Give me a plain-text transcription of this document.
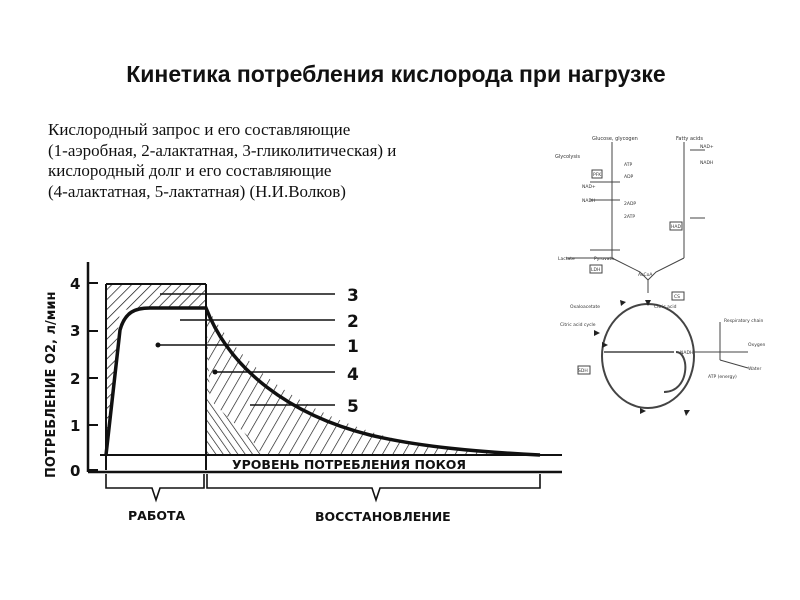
Кинетика потребления кислорода при нагрузке
Кислородный запрос и его составляющие
(1-аэробная, 2-алактатная, 3-гликолитическая) и
кислородный долг и его составляющие
(4-алактатная, 5-лактатная) (Н.И.Волков)
4
3
2
1
0
ПОТРЕБЛЕНИЕ O2, л/мин	3
2
1
4
5
УРОВЕНЬ ПОТРЕБЛЕНИЯ ПОКОЯ
РАБОТА	ВОССТАНОВЛЕНИЕ
Glucose, glycogen	Fatty acids
Glycolysis
PFK
ATP
ADP
NAD+
NADH
2ADP
2ATP
NAD+
NADH
HAD
Lactate	Pyruvate
LDH
AcCoA
CS
Oxaloacetate	Citric acid
Citric acid cycle
SDH
Respiratory chain
NADH
Oxygen
Water
ATP (energy)
